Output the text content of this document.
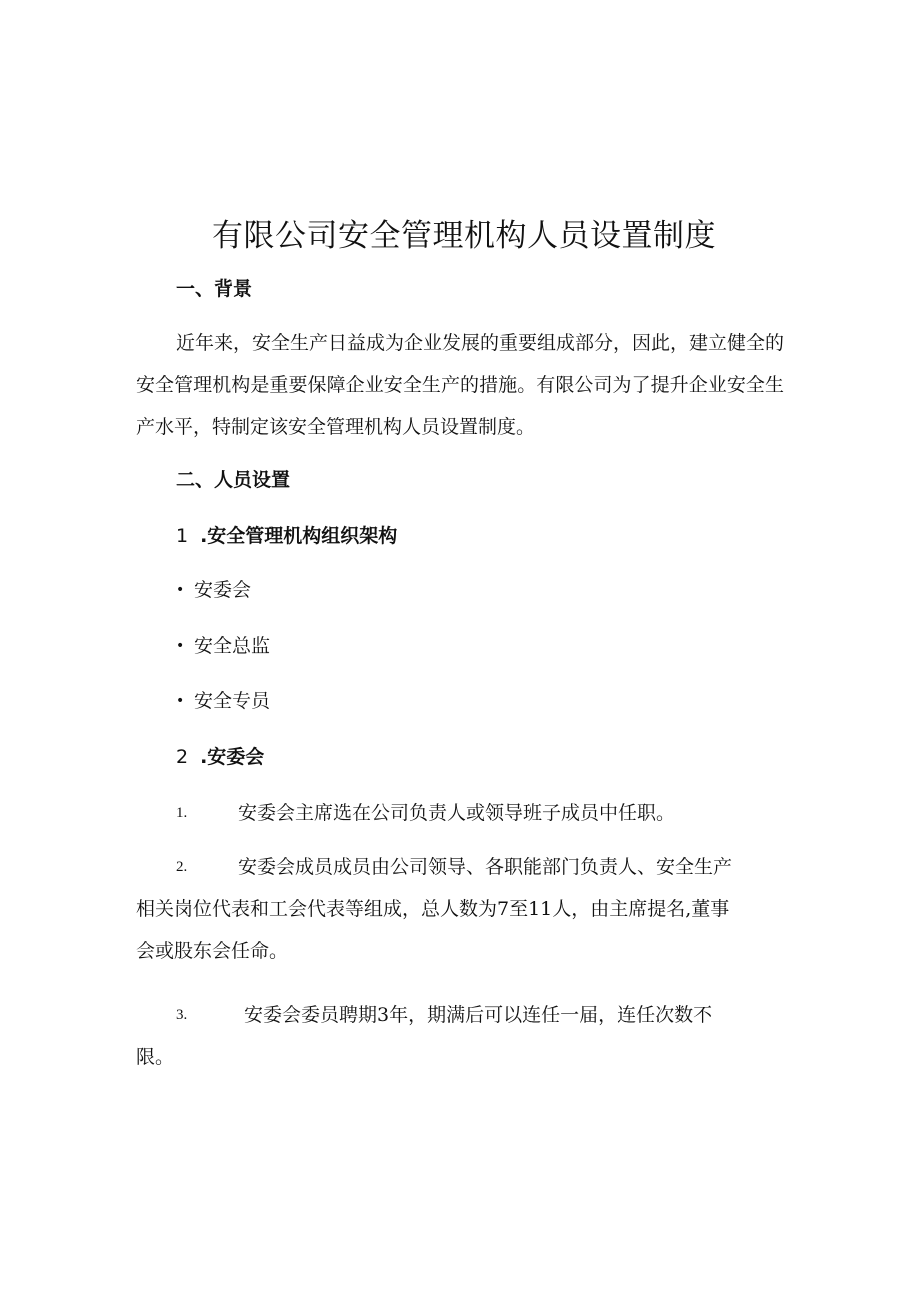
有限公司安全管理机构人员设置制度
一、背景
近年来，安全生产日益成为企业发展的重要组成部分，因此，建立健全的安全管理机构是重要保障企业安全生产的措施。有限公司为了提升企业安全生产水平，特制定该安全管理机构人员设置制度。
二、人员设置
1 .安全管理机构组织架构
• 安委会
• 安全总监
• 安全专员
2 .安委会
1.	安委会主席选在公司负责人或领导班子成员中任职。
2.	安委会成员成员由公司领导、各职能部门负责人、安全生产相关岗位代表和工会代表等组成，总人数为7至11人，由主席提名,董事会或股东会任命。
3.	安委会委员聘期3年，期满后可以连任一届，连任次数不限。
